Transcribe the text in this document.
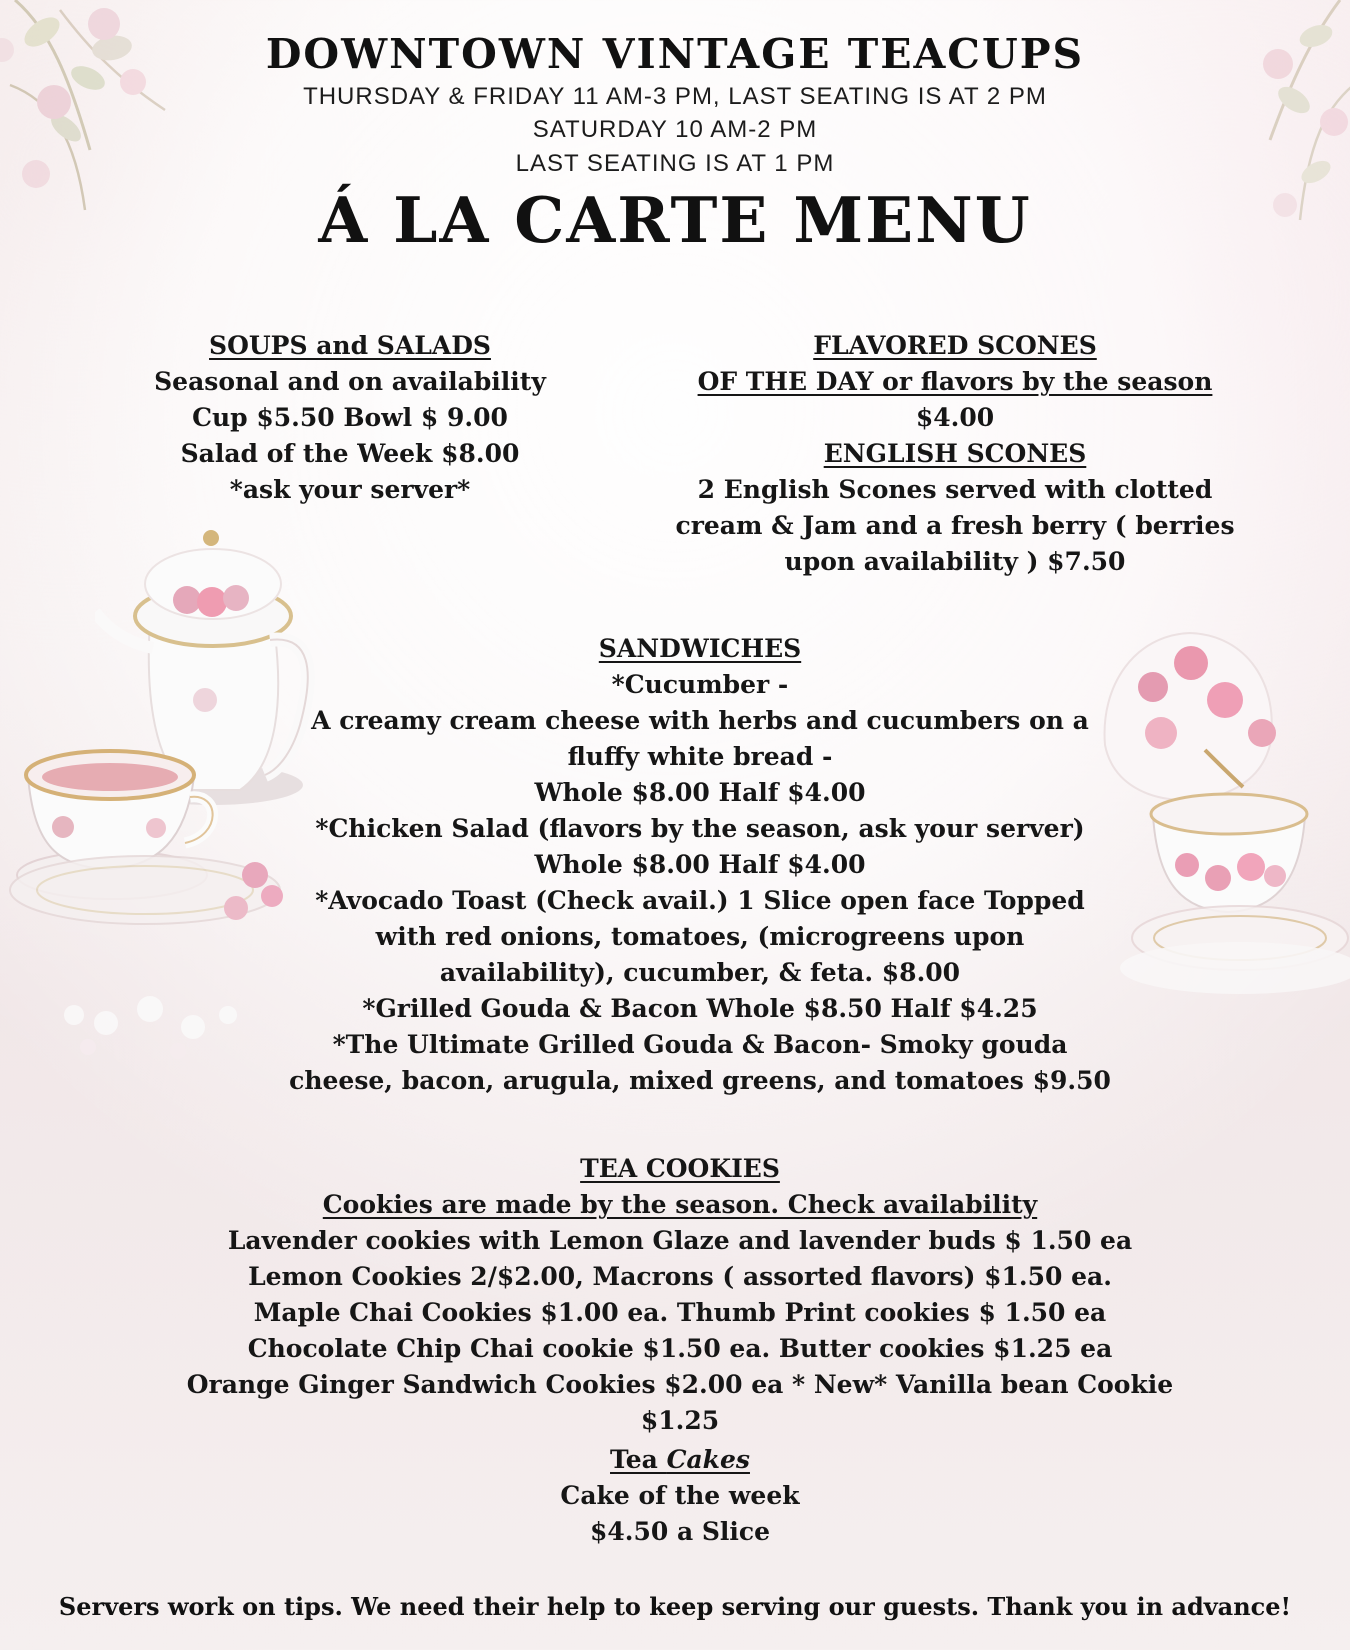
DOWNTOWN VINTAGE TEACUPS
THURSDAY & FRIDAY 11 AM-3 PM, LAST SEATING IS AT 2 PM
SATURDAY 10 AM-2 PM
LAST SEATING IS AT 1 PM
Á LA CARTE MENU
SOUPS and SALADS
Seasonal and on availability
Cup $5.50 Bowl $ 9.00
Salad of the Week $8.00
*ask your server*
FLAVORED SCONES
OF THE DAY or flavors by the season
$4.00
ENGLISH SCONES
2 English Scones served with clotted
cream & Jam and a fresh berry ( berries
upon availability ) $7.50
SANDWICHES
*Cucumber -
A creamy cream cheese with herbs and cucumbers on a
fluffy white bread -
Whole $8.00 Half $4.00
*Chicken Salad (flavors by the season, ask your server)
Whole $8.00 Half $4.00
*Avocado Toast (Check avail.) 1 Slice open face Topped
with red onions, tomatoes, (microgreens upon
availability), cucumber, & feta. $8.00
*Grilled Gouda & Bacon Whole $8.50 Half $4.25
*The Ultimate Grilled Gouda & Bacon- Smoky gouda
cheese, bacon, arugula, mixed greens, and tomatoes $9.50
TEA COOKIES
Cookies are made by the season. Check availability
Lavender cookies with Lemon Glaze and lavender buds $ 1.50 ea
Lemon Cookies 2/$2.00, Macrons ( assorted flavors) $1.50 ea.
Maple Chai Cookies $1.00 ea. Thumb Print cookies $ 1.50 ea
Chocolate Chip Chai cookie $1.50 ea. Butter cookies $1.25 ea
Orange Ginger Sandwich Cookies $2.00 ea * New* Vanilla bean Cookie $1.25
Tea Cakes
Cake of the week
$4.50 a Slice
Servers work on tips. We need their help to keep serving our guests. Thank you in advance!
